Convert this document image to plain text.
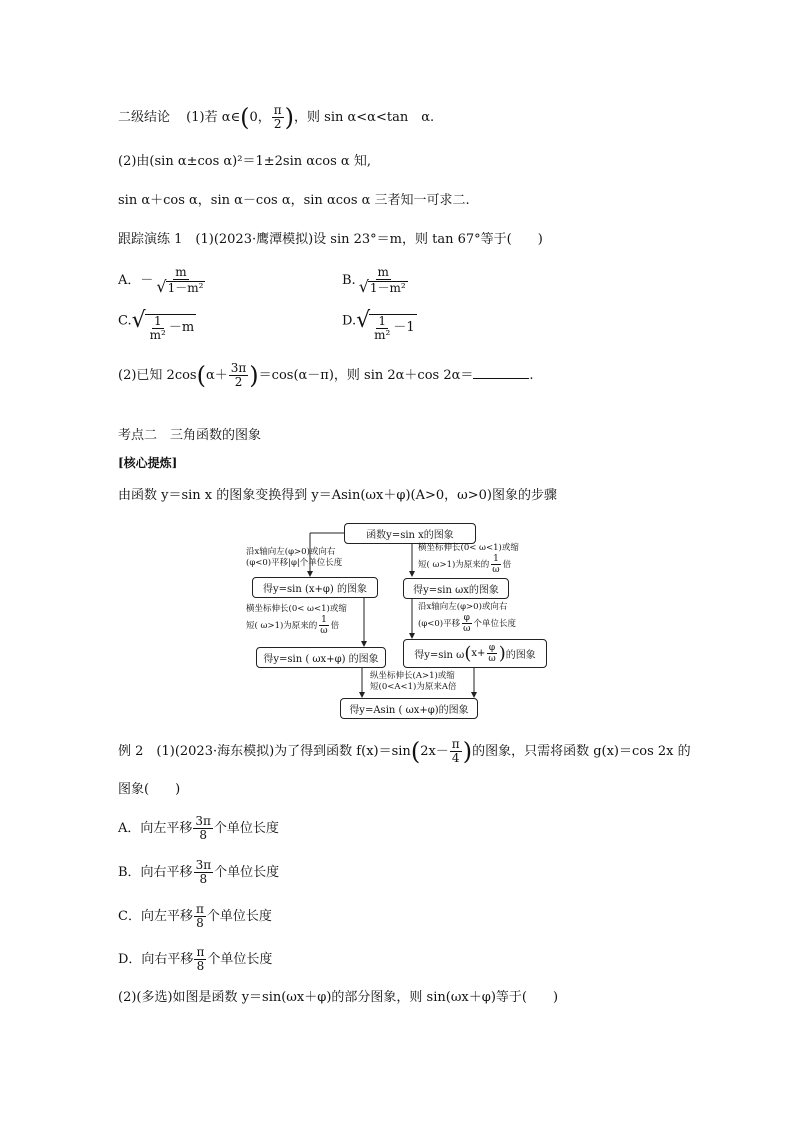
二级结论 (1)若 α∈(0， $\frac{\pi}{2}$ )，则 sin α<α<tan　α.
(2)由(sin α±cos α)²＝1±2sin αcos α 知,
sin α＋cos α，sin α－cos α，sin αcos α 三者知一可求二.
跟踪演练 1　(1)(2023·鹰潭模拟)设 sin 23°＝m，则 tan 67°等于(　　)
A．－ $\frac{m}{\text{√1－m²}}$	B. $\frac{m}{\text{√1－m²}}$
$C.√ \frac{1}{\text{m²}} -m$	$D.√ \frac{1}{\text{m²}} -1$
(2)已知 $2\cos(\alpha+ \frac{3\pi}{2} )=\cos(\alpha-\pi)$，则 sin 2α＋cos 2α＝	.
考点二　三角函数的图象
[核心提炼]
由函数 y＝sin x 的图象变换得到 y＝Asin(ωx＋φ)(A>0，ω>0)图象的步骤
函数y=sin x的图象
得y=sin (x+φ) 的图象
得y=sin ( ωx+φ) 的图象
得y=sin ωx的图象
得y=sin ω ( $x+ \frac{\varphi}{\omega}$ ) 的图象
得y=Asin ( ωx+φ)的图象
沿x轴向左(φ>0)或向右
(φ<0)平移|φ|个单位长度
横坐标伸长(0< ω<1)或缩
短( ω>1)为原来的 $\frac{1}{\omega}$ 倍
横坐标伸长(0< ω<1)或缩
短( ω>1)为原来的 $\frac{1}{\omega}$ 倍
沿x轴向左(φ>0)或向右
(φ<0)平移 $\frac{\varphi}{\omega}$ 个单位长度
纵坐标伸长(A>1)或缩
短(0<A<1)为原来A倍
例 2　(1)(2023·海东模拟)为了得到函数 $f(x)=\sin(2x- \frac{\pi}{4}$ )的图象，只需将函数 g(x)＝cos 2x 的
图象(　　)
A．向左平移 $\frac{3\pi}{8}$ 个单位长度
B．向右平移 $\frac{3\pi}{8}$ 个单位长度
C．向左平移 $\frac{\pi}{8}$ 个单位长度
D．向右平移 $\frac{\pi}{8}$ 个单位长度
(2)(多选)如图是函数 y＝sin(ωx＋φ)的部分图象，则 sin(ωx＋φ)等于(　　)
